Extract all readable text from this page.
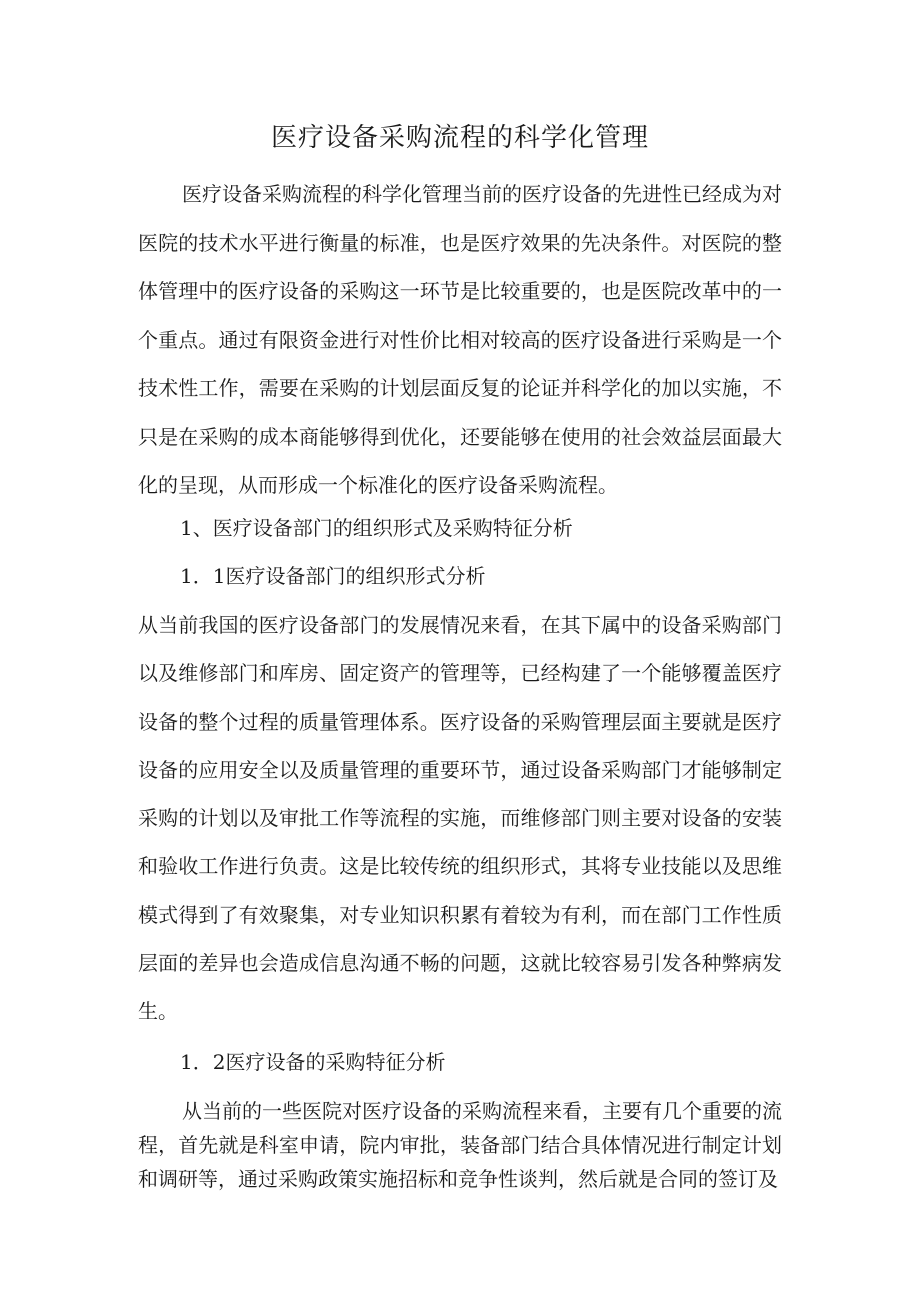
医疗设备采购流程的科学化管理
医疗设备采购流程的科学化管理当前的医疗设备的先进性已经成为对医院的技术水平进行衡量的标准，也是医疗效果的先决条件。对医院的整体管理中的医疗设备的采购这一环节是比较重要的，也是医院改革中的一个重点。通过有限资金进行对性价比相对较高的医疗设备进行采购是一个技术性工作，需要在采购的计划层面反复的论证并科学化的加以实施，不只是在采购的成本商能够得到优化，还要能够在使用的社会效益层面最大化的呈现，从而形成一个标准化的医疗设备采购流程。
1、医疗设备部门的组织形式及采购特征分析
1．1医疗设备部门的组织形式分析
从当前我国的医疗设备部门的发展情况来看，在其下属中的设备采购部门以及维修部门和库房、固定资产的管理等，已经构建了一个能够覆盖医疗设备的整个过程的质量管理体系。医疗设备的采购管理层面主要就是医疗设备的应用安全以及质量管理的重要环节，通过设备采购部门才能够制定采购的计划以及审批工作等流程的实施，而维修部门则主要对设备的安装和验收工作进行负责。这是比较传统的组织形式，其将专业技能以及思维模式得到了有效聚集，对专业知识积累有着较为有利，而在部门工作性质层面的差异也会造成信息沟通不畅的问题，这就比较容易引发各种弊病发生。
1．2医疗设备的采购特征分析
从当前的一些医院对医疗设备的采购流程来看，主要有几个重要的流程，首先就是科室申请，院内审批，装备部门结合具体情况进行制定计划和调研等，通过采购政策实施招标和竞争性谈判，然后就是合同的签订及
